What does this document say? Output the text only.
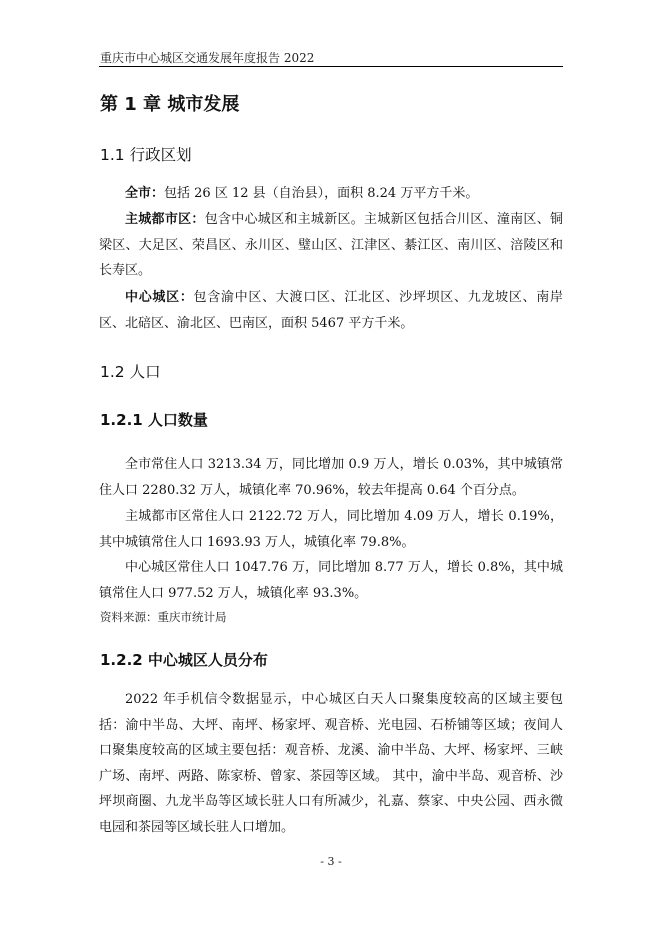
重庆市中心城区交通发展年度报告 2022
第 1 章 城市发展
1.1 行政区划

全市：包括 26 区 12 县（自治县），面积 8.24 万平方千米。

主城都市区：包含中心城区和主城新区。主城新区包括合川区、潼南区、铜梁区、大足区、荣昌区、永川区、璧山区、江津区、綦江区、南川区、涪陵区和长寿区。

中心城区：包含渝中区、大渡口区、江北区、沙坪坝区、九龙坡区、南岸区、北碚区、渝北区、巴南区，面积 5467 平方千米。

1.2 人口
1.2.1 人口数量

全市常住人口 3213.34 万，同比增加 0.9 万人，增长 0.03%，其中城镇常住人口 2280.32 万人，城镇化率 70.96%，较去年提高 0.64 个百分点。

主城都市区常住人口 2122.72 万人，同比增加 4.09 万人，增长 0.19%，其中城镇常住人口 1693.93 万人，城镇化率 79.8%。

中心城区常住人口 1047.76 万，同比增加 8.77 万人，增长 0.8%，其中城镇常住人口 977.52 万人，城镇化率 93.3%。

资料来源：重庆市统计局
1.2.2 中心城区人员分布

2022 年手机信令数据显示，中心城区白天人口聚集度较高的区域主要包括：渝中半岛、大坪、南坪、杨家坪、观音桥、光电园、石桥铺等区域；夜间人口聚集度较高的区域主要包括：观音桥、龙溪、渝中半岛、大坪、杨家坪、三峡广场、南坪、两路、陈家桥、曾家、茶园等区域。 其中，渝中半岛、观音桥、沙坪坝商圈、九龙半岛等区域长驻人口有所减少，礼嘉、蔡家、中央公园、西永微电园和茶园等区域长驻人口增加。

- 3 -
